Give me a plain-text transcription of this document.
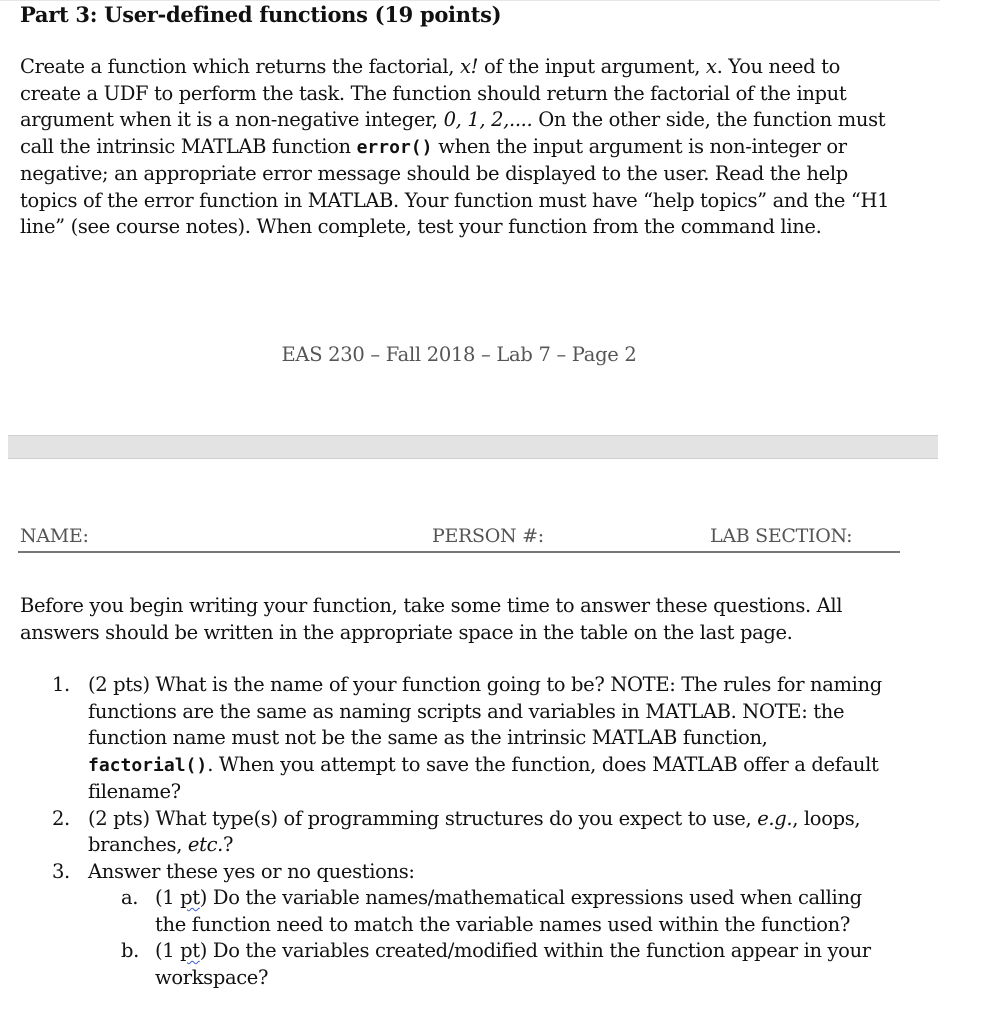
Part 3: User-defined functions (19 points)
Create a function which returns the factorial, x! of the input argument, x. You need to create a UDF to perform the task. The function should return the factorial of the input argument when it is a non-negative integer, 0, 1, 2,.... On the other side, the function must call the intrinsic MATLAB function error() when the input argument is non-integer or negative; an appropriate error message should be displayed to the user. Read the help topics of the error function in MATLAB. Your function must have “help topics” and the “H1 line” (see course notes). When complete, test your function from the command line.
EAS 230 – Fall 2018 – Lab 7 – Page 2
NAME:	PERSON #:	LAB SECTION:
Before you begin writing your function, take some time to answer these questions. All answers should be written in the appropriate space in the table on the last page.
1. (2 pts) What is the name of your function going to be? NOTE: The rules for naming functions are the same as naming scripts and variables in MATLAB. NOTE: the function name must not be the same as the intrinsic MATLAB function, factorial(). When you attempt to save the function, does MATLAB offer a default filename?
2. (2 pts) What type(s) of programming structures do you expect to use, e.g., loops, branches, etc.?
3. Answer these yes or no questions:
a. (1 pt) Do the variable names/mathematical expressions used when calling the function need to match the variable names used within the function?
b. (1 pt) Do the variables created/modified within the function appear in your workspace?
